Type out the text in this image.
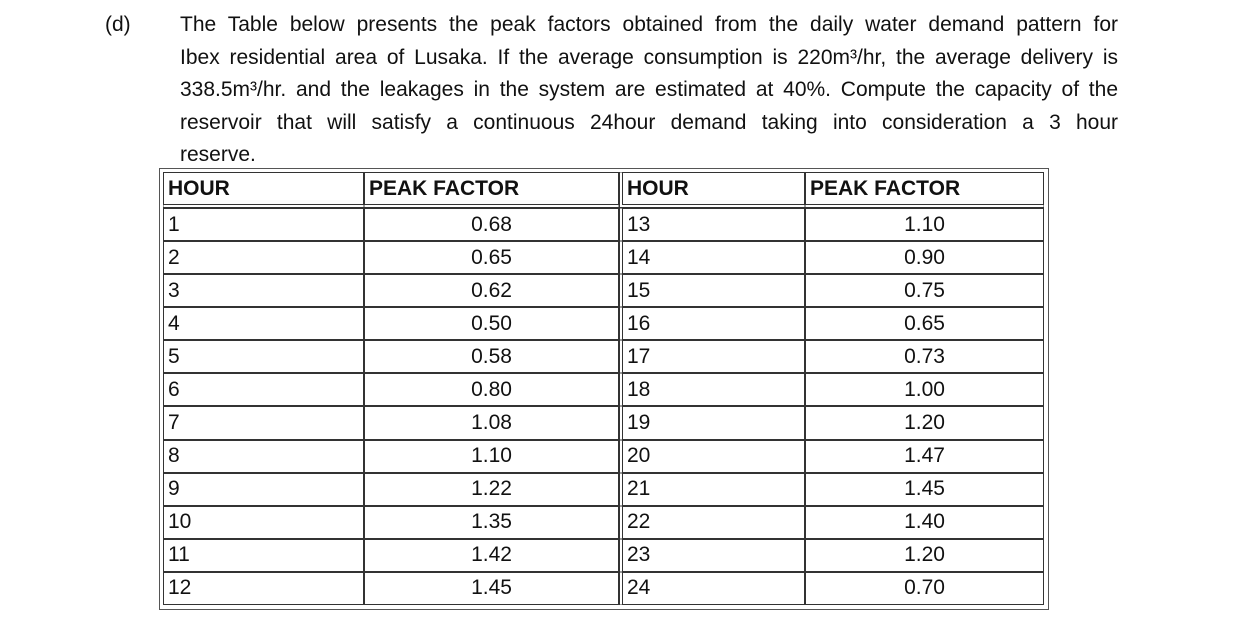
(d) The Table below presents the peak factors obtained from the daily water demand pattern for
Ibex residential area of Lusaka. If the average consumption is 220m³/hr, the average delivery is
338.5m³/hr. and the leakages in the system are estimated at 40%. Compute the capacity of the
reservoir that will satisfy a continuous 24hour demand taking into consideration a 3 hour
reserve.
HOUR	PEAK FACTOR	HOUR	PEAK FACTOR
1	0.68	13	1.10
2	0.65	14	0.90
3	0.62	15	0.75
4	0.50	16	0.65
5	0.58	17	0.73
6	0.80	18	1.00
7	1.08	19	1.20
8	1.10	20	1.47
9	1.22	21	1.45
10	1.35	22	1.40
11	1.42	23	1.20
12	1.45	24	0.70
